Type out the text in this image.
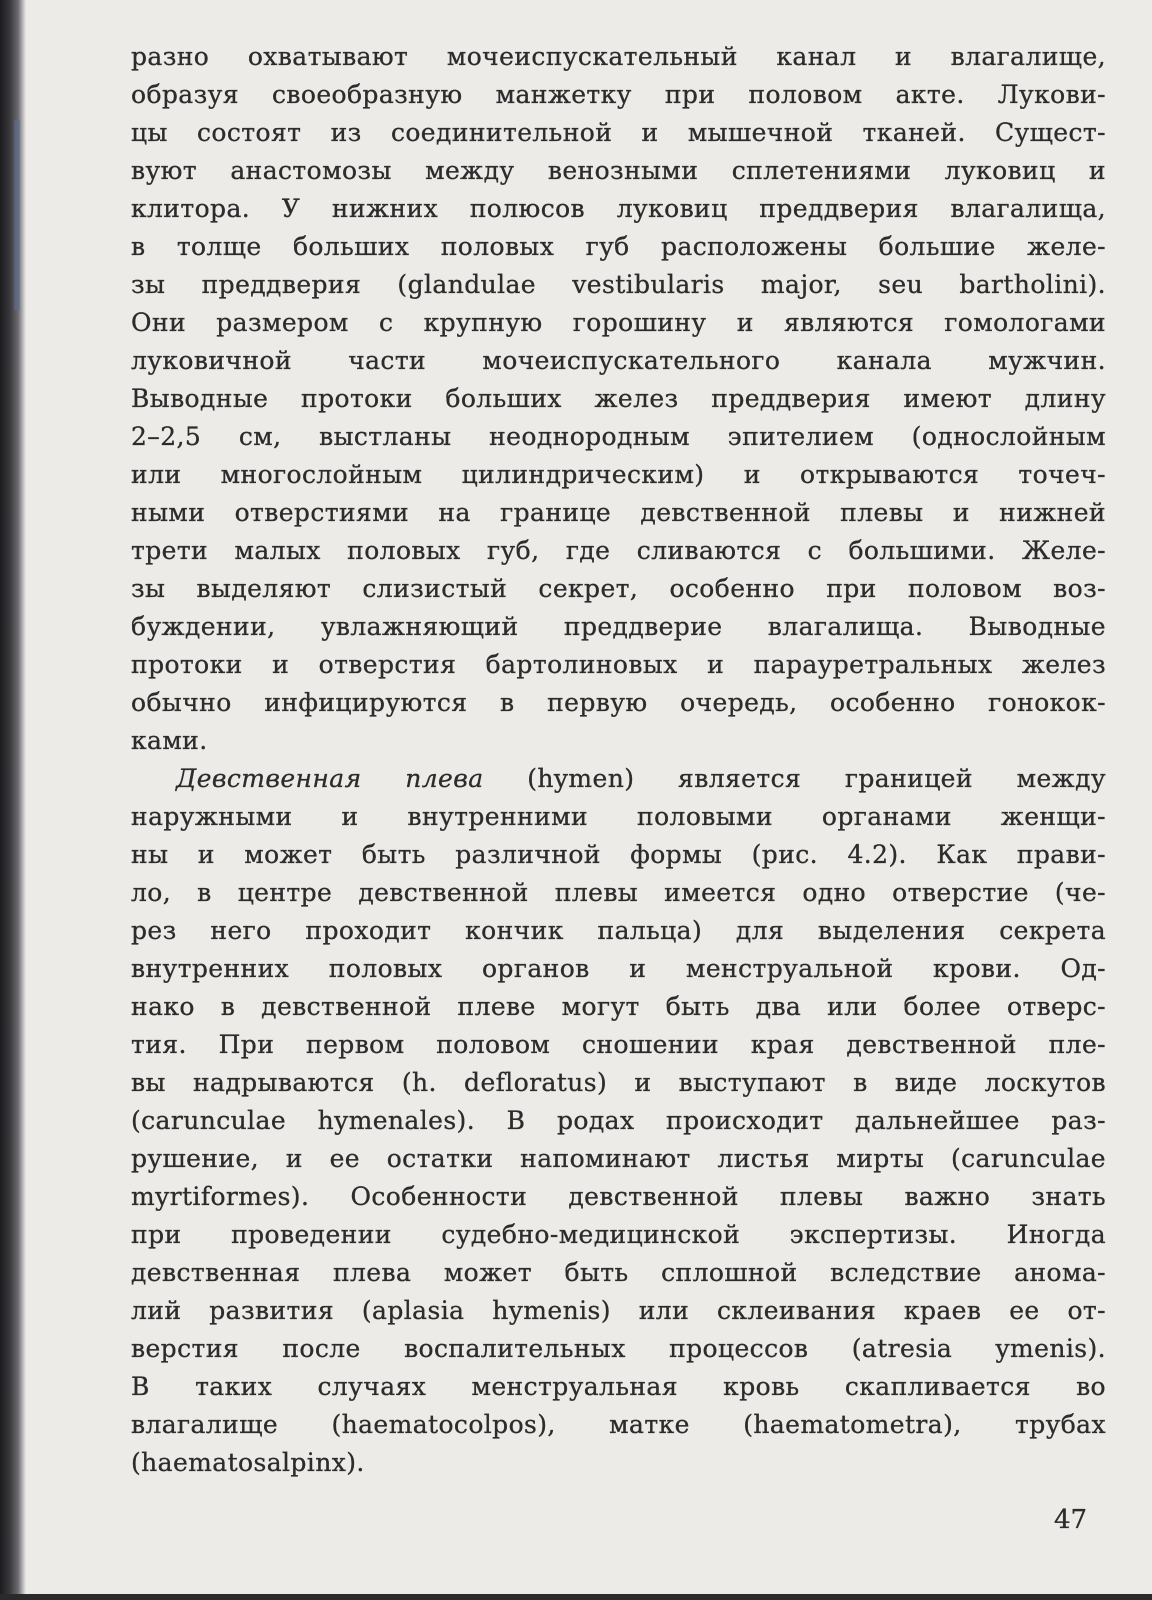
разно охватывают мочеиспускательный канал и влагалище,
образуя своеобразную манжетку при половом акте. Лукови-
цы состоят из соединительной и мышечной тканей. Сущест-
вуют анастомозы между венозными сплетениями луковиц и
клитора. У нижних полюсов луковиц преддверия влагалища,
в толще больших половых губ расположены большие желе-
зы преддверия (glandulae vestibularis major, seu bartholini).
Они размером с крупную горошину и являются гомологами
луковичной части мочеиспускательного канала мужчин.
Выводные протоки больших желез преддверия имеют длину
2–2,5 см, выстланы неоднородным эпителием (однослойным
или многослойным цилиндрическим) и открываются точеч-
ными отверстиями на границе девственной плевы и нижней
трети малых половых губ, где сливаются с большими. Желе-
зы выделяют слизистый секрет, особенно при половом воз-
буждении, увлажняющий преддверие влагалища. Выводные
протоки и отверстия бартолиновых и парауретральных желез
обычно инфицируются в первую очередь, особенно гонокок-
ками.

Девственная плева (hymen) является границей между
наружными и внутренними половыми органами женщи-
ны и может быть различной формы (рис. 4.2). Как прави-
ло, в центре девственной плевы имеется одно отверстие (че-
рез него проходит кончик пальца) для выделения секрета
внутренних половых органов и менструальной крови. Од-
нако в девственной плеве могут быть два или более отверс-
тия. При первом половом сношении края девственной пле-
вы надрываются (h. defloratus) и выступают в виде лоскутов
(carunculae hymenales). В родах происходит дальнейшее раз-
рушение, и ее остатки напоминают листья мирты (carunculae
myrtiformes). Особенности девственной плевы важно знать
при проведении судебно-медицинской экспертизы. Иногда
девственная плева может быть сплошной вследствие анома-
лий развития (aplasia hymenis) или склеивания краев ее от-
верстия после воспалительных процессов (atresia ymenis).
В таких случаях менструальная кровь скапливается во
влагалище (haematocolpos), матке (haematometra), трубах
(haematosalpinx).

47
